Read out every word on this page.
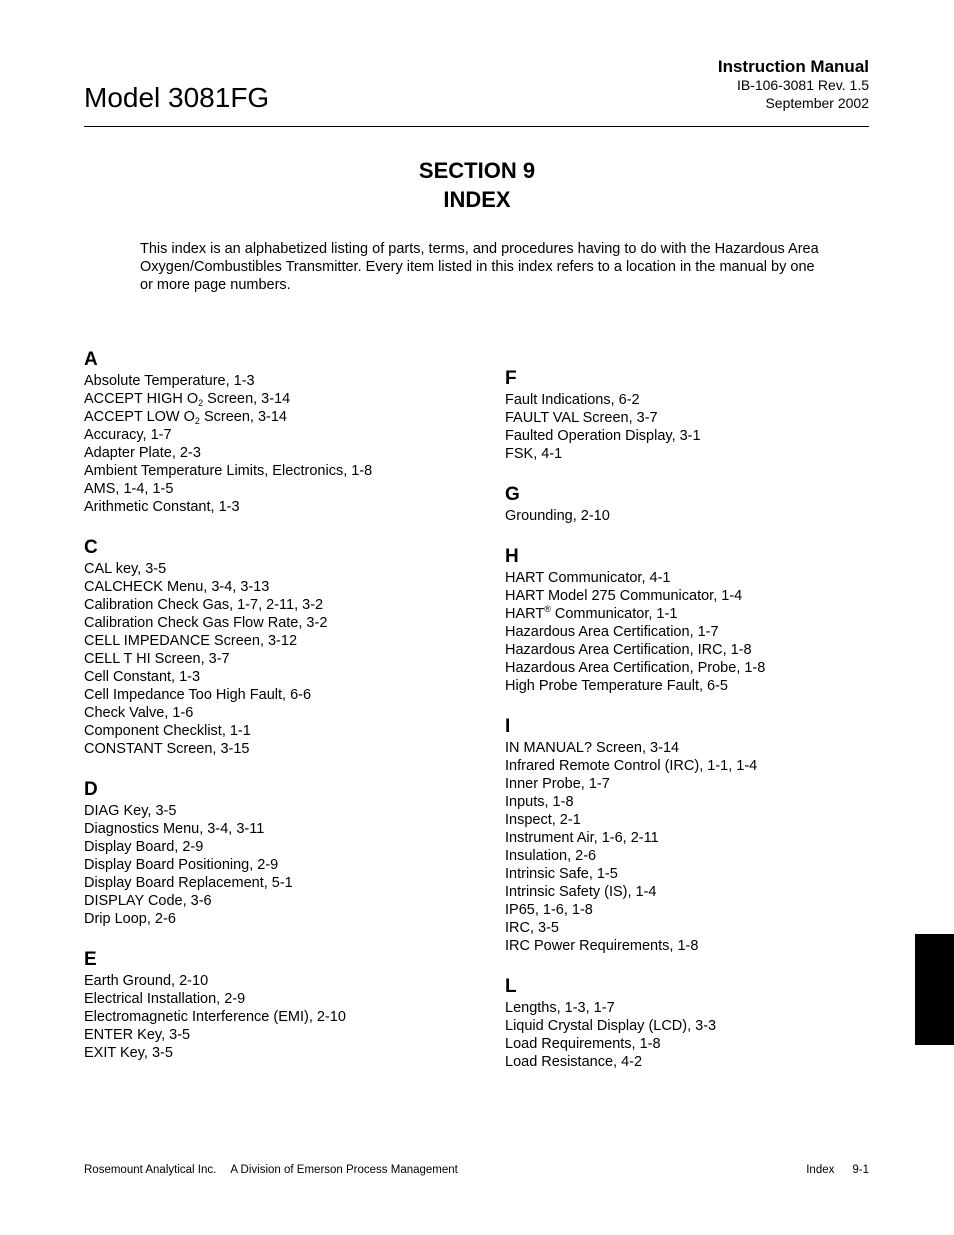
Model 3081FG
Instruction Manual
IB-106-3081 Rev. 1.5
September 2002
SECTION 9
INDEX
This index is an alphabetized listing of parts, terms, and procedures having to do with the Hazardous Area Oxygen/Combustibles Transmitter. Every item listed in this index refers to a location in the manual by one or more page numbers.
A
Absolute Temperature, 1-3
ACCEPT HIGH $O_2$ Screen, 3-14
ACCEPT LOW $O_2$ Screen, 3-14
Accuracy, 1-7
Adapter Plate, 2-3
Ambient Temperature Limits, Electronics, 1-8
AMS, 1-4, 1-5
Arithmetic Constant, 1-3
C
CAL key, 3-5
CALCHECK Menu, 3-4, 3-13
Calibration Check Gas, 1-7, 2-11, 3-2
Calibration Check Gas Flow Rate, 3-2
CELL IMPEDANCE Screen, 3-12
CELL T HI Screen, 3-7
Cell Constant, 1-3
Cell Impedance Too High Fault, 6-6
Check Valve, 1-6
Component Checklist, 1-1
CONSTANT Screen, 3-15
D
DIAG Key, 3-5
Diagnostics Menu, 3-4, 3-11
Display Board, 2-9
Display Board Positioning, 2-9
Display Board Replacement, 5-1
DISPLAY Code, 3-6
Drip Loop, 2-6
E
Earth Ground, 2-10
Electrical Installation, 2-9
Electromagnetic Interference (EMI), 2-10
ENTER Key, 3-5
EXIT Key, 3-5
F
Fault Indications, 6-2
FAULT VAL Screen, 3-7
Faulted Operation Display, 3-1
FSK, 4-1
G
Grounding, 2-10
H
HART Communicator, 4-1
HART Model 275 Communicator, 1-4
HART® Communicator, 1-1
Hazardous Area Certification, 1-7
Hazardous Area Certification, IRC, 1-8
Hazardous Area Certification, Probe, 1-8
High Probe Temperature Fault, 6-5
I
IN MANUAL? Screen, 3-14
Infrared Remote Control (IRC), 1-1, 1-4
Inner Probe, 1-7
Inputs, 1-8
Inspect, 2-1
Instrument Air, 1-6, 2-11
Insulation, 2-6
Intrinsic Safe, 1-5
Intrinsic Safety (IS), 1-4
IP65, 1-6, 1-8
IRC, 3-5
IRC Power Requirements, 1-8
L
Lengths, 1-3, 1-7
Liquid Crystal Display (LCD), 3-3
Load Requirements, 1-8
Load Resistance, 4-2
Rosemount Analytical Inc. A Division of Emerson Process Management	Index 9-1
